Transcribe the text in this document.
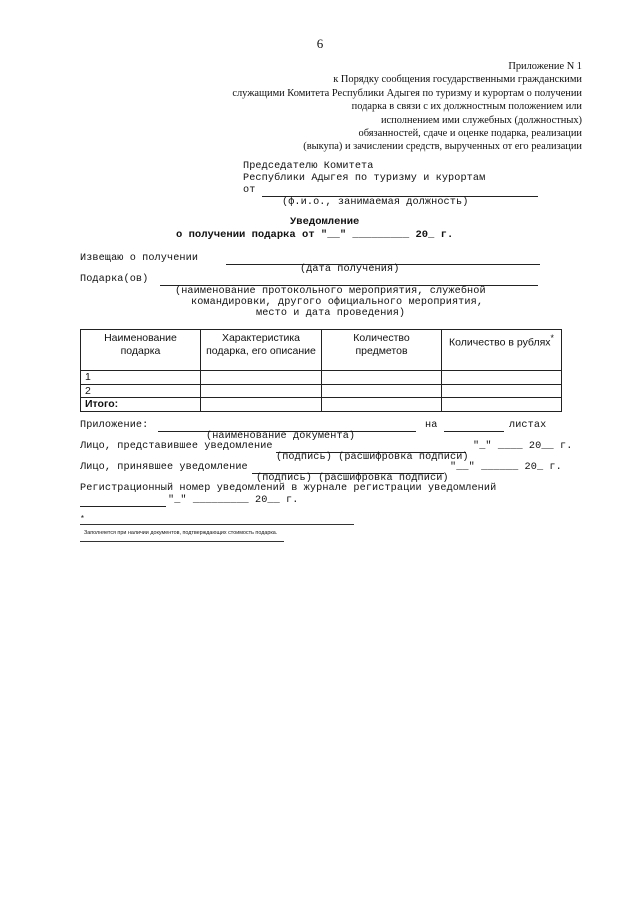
6
Приложение N 1
к Порядку сообщения государственными гражданскими
служащими Комитета Республики Адыгея по туризму и курортам о получении
подарка в связи с их должностным положением или
исполнением ими служебных (должностных)
обязанностей, сдаче и оценке подарка, реализации
(выкупа) и зачислении средств, вырученных от его реализации
Председателю Комитета
Республики Адыгея по туризму и курортам
от
(ф.и.о., занимаемая должность)
Уведомление
о получении подарка от "__" _________ 20_ г.
Извещаю о получении
(дата получения)
Подарка(ов)
(наименование протокольного мероприятия, служебной
командировки, другого официального мероприятия,
место и дата проведения)
Наименование подарка	Характеристика подарка, его описание	Количество предметов	Количество в рублях*
1			
2			
Итого:			
Приложение:	на	листах
(наименование документа)
Лицо, представившее уведомление	"_" ____ 20__ г.
(подпись) (расшифровка подписи)
Лицо, принявшее уведомление	"__" ______ 20_ г.
(подпись) (расшифровка подписи)
Регистрационный номер уведомлений в журнале регистрации уведомлений
"_" _________ 20__ г.
*
Заполняется при наличии документов, подтверждающих стоимость подарка.
